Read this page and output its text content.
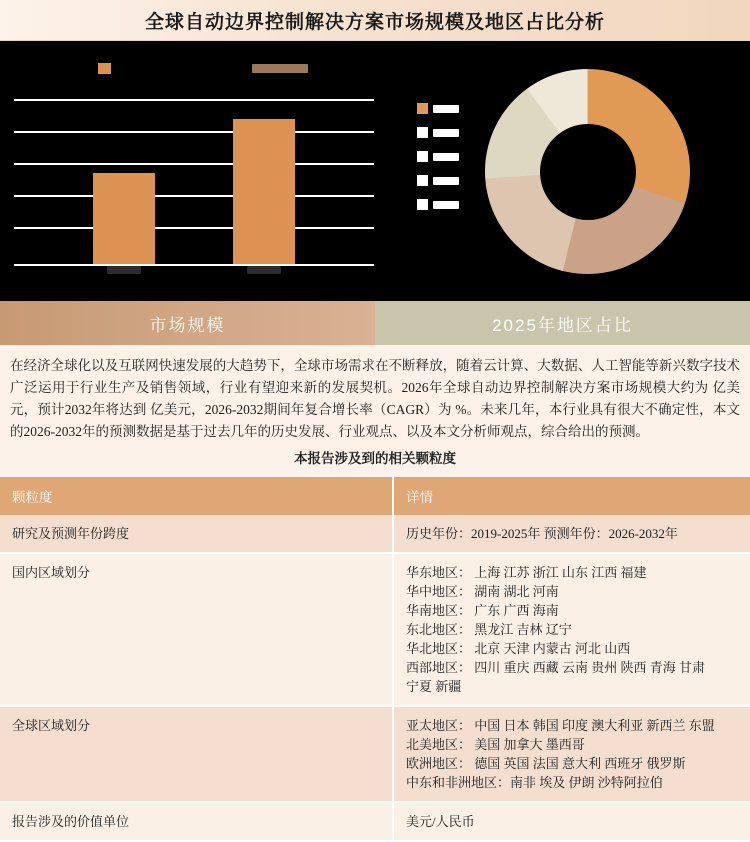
全球自动边界控制解决方案市场规模及地区占比分析
市场规模	2025年地区占比
在经济全球化以及互联网快速发展的大趋势下，全球市场需求在不断释放，随着云计算、大数据、人工智能等新兴数字技术广泛运用于行业生产及销售领域，行业有望迎来新的发展契机。2026年全球自动边界控制解决方案市场规模大约为 亿美元，预计2032年将达到 亿美元，2026-2032期间年复合增长率（CAGR）为 %。未来几年，本行业具有很大不确定性，本文的2026-2032年的预测数据是基于过去几年的历史发展、行业观点、以及本文分析师观点，综合给出的预测。
本报告涉及到的相关颗粒度
颗粒度	详情
研究及预测年份跨度	历史年份：2019-2025年 预测年份：2026-2032年

国内区域划分	华东地区： 上海 江苏 浙江 山东 江西 福建
华中地区： 湖南 湖北 河南
华南地区： 广东 广西 海南
东北地区： 黑龙江 吉林 辽宁
华北地区： 北京 天津 内蒙古 河北 山西
西部地区： 四川 重庆 西藏 云南 贵州 陕西 青海 甘肃
宁夏 新疆

全球区域划分	亚太地区： 中国 日本 韩国 印度 澳大利亚 新西兰 东盟
北美地区： 美国 加拿大 墨西哥
欧洲地区： 德国 英国 法国 意大利 西班牙 俄罗斯
中东和非洲地区：南非 埃及 伊朗 沙特阿拉伯

报告涉及的价值单位	美元/人民币
